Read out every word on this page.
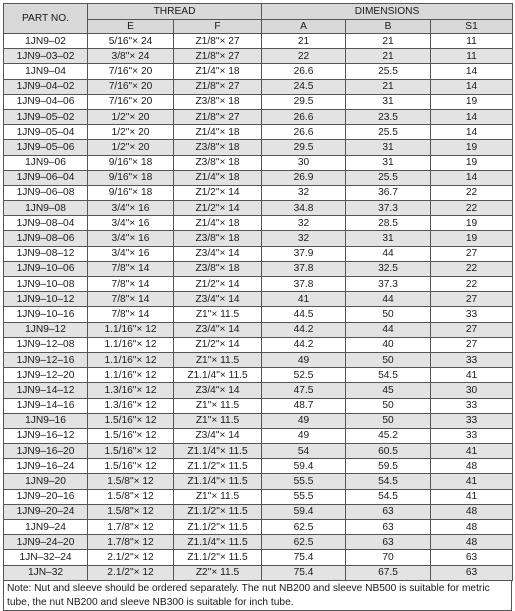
PART NO.	THREAD		DIMENSIONS		
	E	F	A	B	S1
1JN9–02	5/16"× 24	Z1/8"× 27	21	21	11
1JN9–03–02	3/8"× 24	Z1/8"× 27	22	21	11
1JN9–04	7/16"× 20	Z1/4"× 18	26.6	25.5	14
1JN9–04–02	7/16"× 20	Z1/8"× 27	24.5	21	14
1JN9–04–06	7/16"× 20	Z3/8"× 18	29.5	31	19
1JN9–05–02	1/2"× 20	Z1/8"× 27	26.6	23.5	14
1JN9–05–04	1/2"× 20	Z1/4"× 18	26.6	25.5	14
1JN9–05–06	1/2"× 20	Z3/8"× 18	29.5	31	19
1JN9–06	9/16"× 18	Z3/8"× 18	30	31	19
1JN9–06–04	9/16"× 18	Z1/4"× 18	26.9	25.5	14
1JN9–06–08	9/16"× 18	Z1/2"× 14	32	36.7	22
1JN9–08	3/4"× 16	Z1/2"× 14	34.8	37.3	22
1JN9–08–04	3/4"× 16	Z1/4"× 18	32	28.5	19
1JN9–08–06	3/4"× 16	Z3/8"× 18	32	31	19
1JN9–08–12	3/4"× 16	Z3/4"× 14	37.9	44	27
1JN9–10–06	7/8"× 14	Z3/8"× 18	37.8	32.5	22
1JN9–10–08	7/8"× 14	Z1/2"× 14	37.8	37.3	22
1JN9–10–12	7/8"× 14	Z3/4"× 14	41	44	27
1JN9–10–16	7/8"× 14	Z1"× 11.5	44.5	50	33
1JN9–12	1.1/16"× 12	Z3/4"× 14	44.2	44	27
1JN9–12–08	1.1/16"× 12	Z1/2"× 14	44.2	40	27
1JN9–12–16	1.1/16"× 12	Z1"× 11.5	49	50	33
1JN9–12–20	1.1/16"× 12	Z1.1/4"× 11.5	52.5	54.5	41
1JN9–14–12	1.3/16"× 12	Z3/4"× 14	47.5	45	30
1JN9–14–16	1.3/16"× 12	Z1"× 11.5	48.7	50	33
1JN9–16	1.5/16"× 12	Z1"× 11.5	49	50	33
1JN9–16–12	1.5/16"× 12	Z3/4"× 14	49	45.2	33
1JN9–16–20	1.5/16"× 12	Z1.1/4"× 11.5	54	60.5	41
1JN9–16–24	1.5/16"× 12	Z1.1/2"× 11.5	59.4	59.5	48
1JN9–20	1.5/8"× 12	Z1.1/4"× 11.5	55.5	54.5	41
1JN9–20–16	1.5/8"× 12	Z1"× 11.5	55.5	54.5	41
1JN9–20–24	1.5/8"× 12	Z1.1/2"× 11.5	59.4	63	48
1JN9–24	1.7/8"× 12	Z1.1/2"× 11.5	62.5	63	48
1JN9–24–20	1.7/8"× 12	Z1.1/4"× 11.5	62.5	63	48
1JN–32–24	2.1/2"× 12	Z1.1/2"× 11.5	75.4	70	63
1JN–32	2.1/2"× 12	Z2"× 11.5	75.4	67.5	63
Note: Nut and sleeve should be ordered separately. The nut NB200 and sleeve NB500 is suitable for metric tube, the nut NB200 and sleeve NB300 is suitable for inch tube.
